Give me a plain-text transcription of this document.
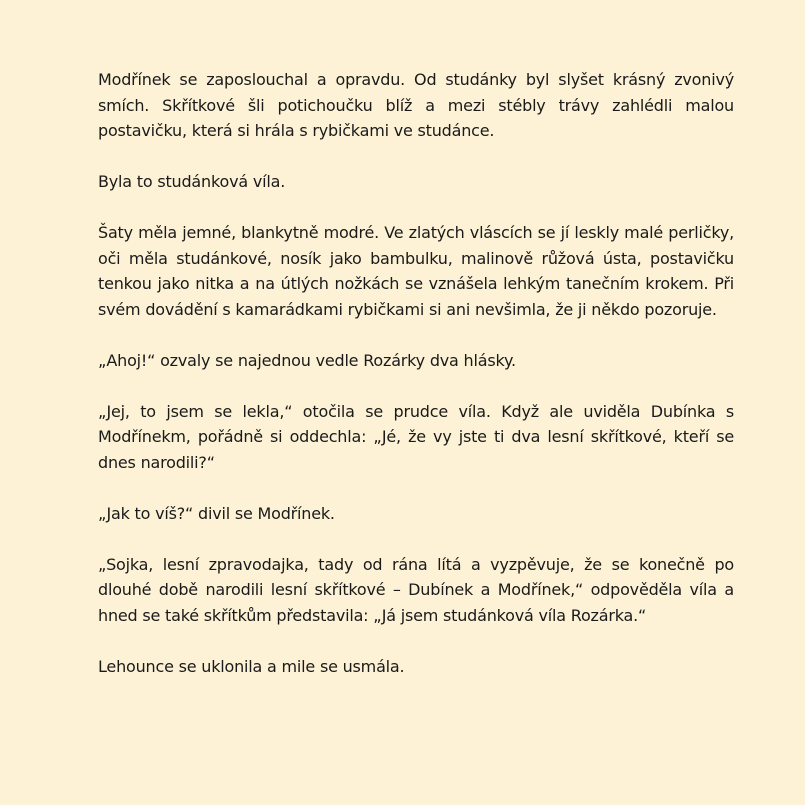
Modřínek se zaposlouchal a opravdu. Od studánky byl slyšet krásný zvonivý smích. Skřítkové šli potichoučku blíž a mezi stébly trávy zahlédli malou postavičku, která si hrála s rybičkami ve studánce.

Byla to studánková víla.

Šaty měla jemné, blankytně modré. Ve zlatých vláscích se jí leskly malé perličky, oči měla studánkové, nosík jako bambulku, malinově růžová ústa, postavičku tenkou jako nitka a na útlých nožkách se vznášela lehkým tanečním krokem. Při svém dovádění s kamarádkami rybičkami si ani nevšimla, že ji někdo pozoruje.

„Ahoj!“ ozvaly se najednou vedle Rozárky dva hlásky.

„Jej, to jsem se lekla,“ otočila se prudce víla. Když ale uviděla Dubínka s Modřínekm, pořádně si oddechla: „Jé, že vy jste ti dva lesní skřítkové, kteří se dnes narodili?“

„Jak to víš?“ divil se Modřínek.

„Sojka, lesní zpravodajka, tady od rána lítá a vyzpěvuje, že se konečně po dlouhé době narodili lesní skřítkové – Dubínek a Modřínek,“ odpověděla víla a hned se také skřítkům představila: „Já jsem studánková víla Rozárka.“

Lehounce se uklonila a mile se usmála.
